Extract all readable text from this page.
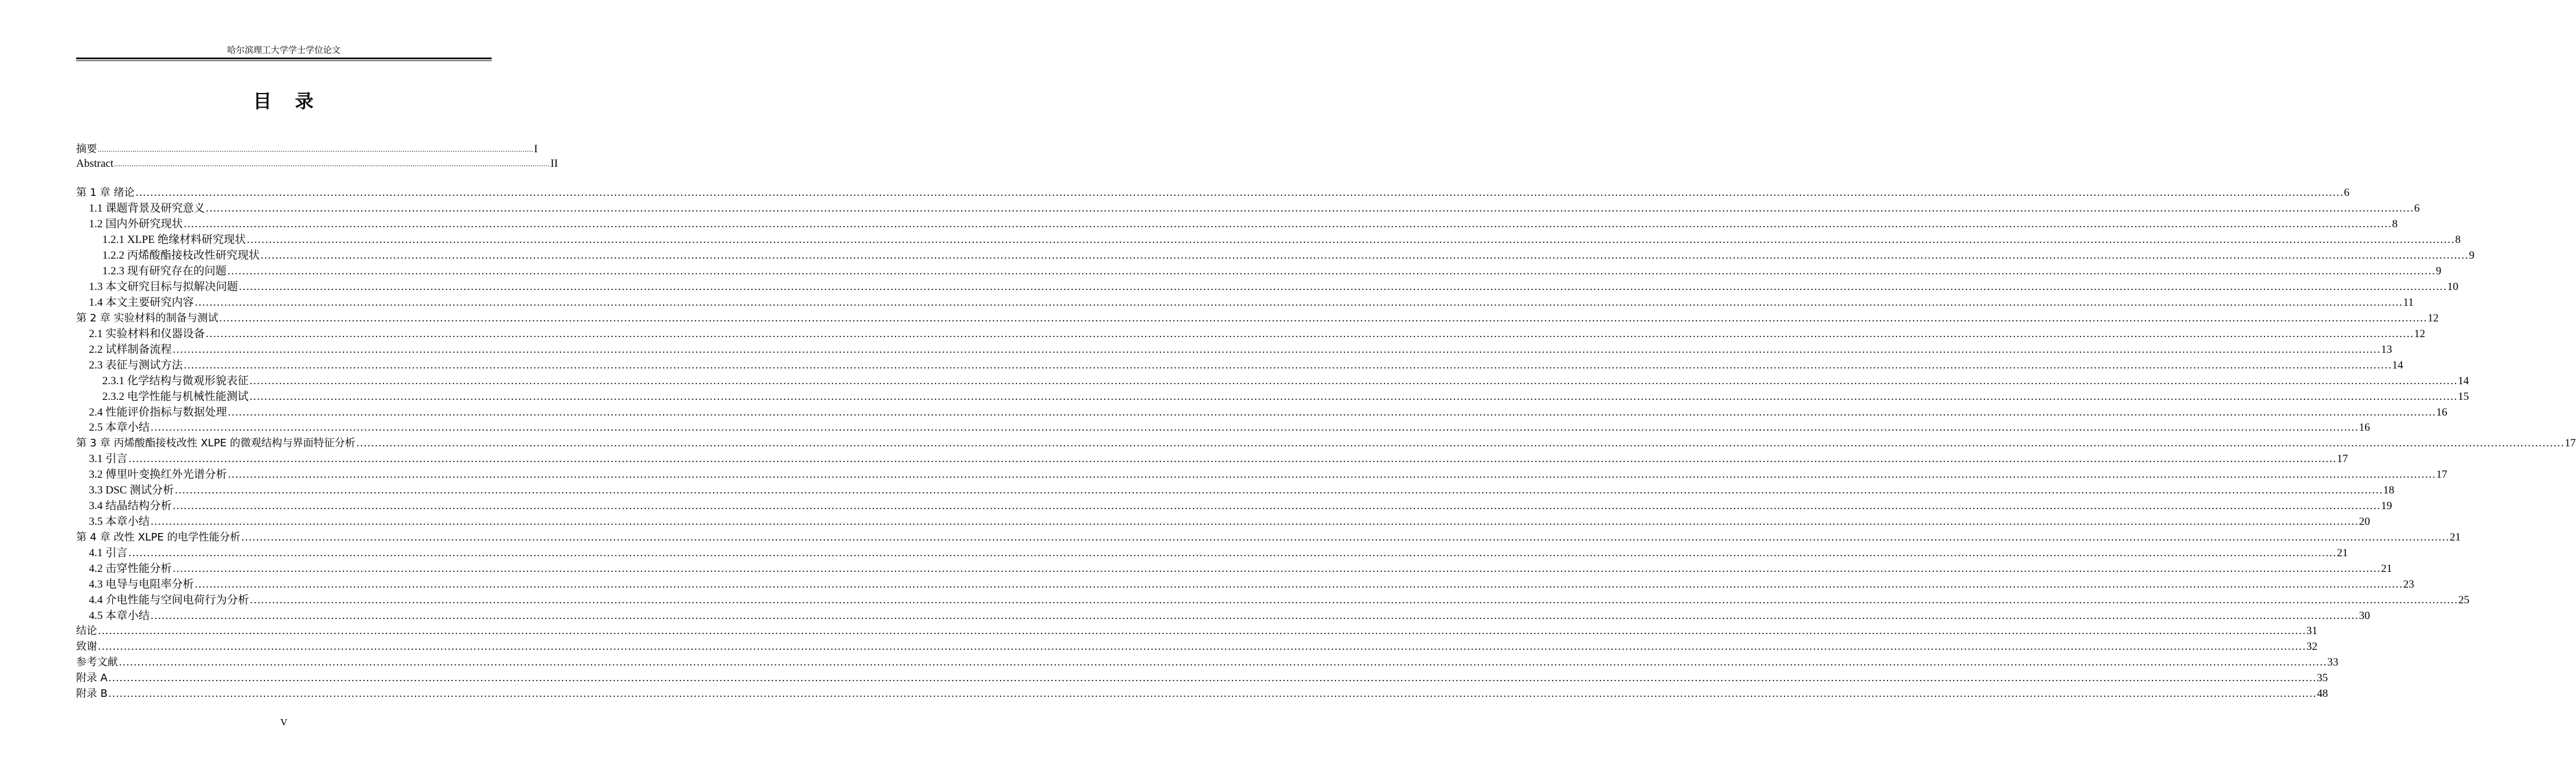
哈尔滨理工大学学士学位论文
目 录
摘要 ........................................................................................................................................................................................................ I
Abstract ........................................................................................................................................................................................................ II
第 1 章 绪论 …………………………………………………………………………………………………………………………………………………………………………………………………………………………………………………………………………………………………………………………………………………………………………………………………………………………………………………………………………………………………………………………………………………… 6
1.1 课题背景及研究意义 …………………………………………………………………………………………………………………………………………………………………………………………………………………………………………………………………………………………………………………………………………………………………………………………………………………………………………………………………………………………………………………………………………………… 6
1.2 国内外研究现状 …………………………………………………………………………………………………………………………………………………………………………………………………………………………………………………………………………………………………………………………………………………………………………………………………………………………………………………………………………………………………………………………………………………… 8
1.2.1 XLPE 绝缘材料研究现状 …………………………………………………………………………………………………………………………………………………………………………………………………………………………………………………………………………………………………………………………………………………………………………………………………………………………………………………………………………………………………………………………………………………… 8
1.2.2 丙烯酸酯接枝改性研究现状 …………………………………………………………………………………………………………………………………………………………………………………………………………………………………………………………………………………………………………………………………………………………………………………………………………………………………………………………………………………………………………………………………………………… 9
1.2.3 现有研究存在的问题 …………………………………………………………………………………………………………………………………………………………………………………………………………………………………………………………………………………………………………………………………………………………………………………………………………………………………………………………………………………………………………………………………………………… 9
1.3 本文研究目标与拟解决问题 …………………………………………………………………………………………………………………………………………………………………………………………………………………………………………………………………………………………………………………………………………………………………………………………………………………………………………………………………………………………………………………………………………………… 10
1.4 本文主要研究内容 …………………………………………………………………………………………………………………………………………………………………………………………………………………………………………………………………………………………………………………………………………………………………………………………………………………………………………………………………………………………………………………………………………………… 11
第 2 章 实验材料的制备与测试 …………………………………………………………………………………………………………………………………………………………………………………………………………………………………………………………………………………………………………………………………………………………………………………………………………………………………………………………………………………………………………………………………………………… 12
2.1 实验材料和仪器设备 …………………………………………………………………………………………………………………………………………………………………………………………………………………………………………………………………………………………………………………………………………………………………………………………………………………………………………………………………………………………………………………………………………………… 12
2.2 试样制备流程 …………………………………………………………………………………………………………………………………………………………………………………………………………………………………………………………………………………………………………………………………………………………………………………………………………………………………………………………………………………………………………………………………………………… 13
2.3 表征与测试方法 …………………………………………………………………………………………………………………………………………………………………………………………………………………………………………………………………………………………………………………………………………………………………………………………………………………………………………………………………………………………………………………………………………………… 14
2.3.1 化学结构与微观形貌表征 …………………………………………………………………………………………………………………………………………………………………………………………………………………………………………………………………………………………………………………………………………………………………………………………………………………………………………………………………………………………………………………………………………………… 14
2.3.2 电学性能与机械性能测试 …………………………………………………………………………………………………………………………………………………………………………………………………………………………………………………………………………………………………………………………………………………………………………………………………………………………………………………………………………………………………………………………………………………… 15
2.4 性能评价指标与数据处理 …………………………………………………………………………………………………………………………………………………………………………………………………………………………………………………………………………………………………………………………………………………………………………………………………………………………………………………………………………………………………………………………………………………… 16
2.5 本章小结 …………………………………………………………………………………………………………………………………………………………………………………………………………………………………………………………………………………………………………………………………………………………………………………………………………………………………………………………………………………………………………………………………………………… 16
第 3 章 丙烯酸酯接枝改性 XLPE 的微观结构与界面特征分析 …………………………………………………………………………………………………………………………………………………………………………………………………………………………………………………………………………………………………………………………………………………………………………………………………………………………………………………………………………………………………………………………………………………… 17
3.1 引言 …………………………………………………………………………………………………………………………………………………………………………………………………………………………………………………………………………………………………………………………………………………………………………………………………………………………………………………………………………………………………………………………………………………… 17
3.2 傅里叶变换红外光谱分析 …………………………………………………………………………………………………………………………………………………………………………………………………………………………………………………………………………………………………………………………………………………………………………………………………………………………………………………………………………………………………………………………………………………… 17
3.3 DSC 测试分析 …………………………………………………………………………………………………………………………………………………………………………………………………………………………………………………………………………………………………………………………………………………………………………………………………………………………………………………………………………………………………………………………………………………… 18
3.4 结晶结构分析 …………………………………………………………………………………………………………………………………………………………………………………………………………………………………………………………………………………………………………………………………………………………………………………………………………………………………………………………………………………………………………………………………………………… 19
3.5 本章小结 …………………………………………………………………………………………………………………………………………………………………………………………………………………………………………………………………………………………………………………………………………………………………………………………………………………………………………………………………………………………………………………………………………………… 20
第 4 章 改性 XLPE 的电学性能分析 …………………………………………………………………………………………………………………………………………………………………………………………………………………………………………………………………………………………………………………………………………………………………………………………………………………………………………………………………………………………………………………………………………………… 21
4.1 引言 …………………………………………………………………………………………………………………………………………………………………………………………………………………………………………………………………………………………………………………………………………………………………………………………………………………………………………………………………………………………………………………………………………………… 21
4.2 击穿性能分析 …………………………………………………………………………………………………………………………………………………………………………………………………………………………………………………………………………………………………………………………………………………………………………………………………………………………………………………………………………………………………………………………………………………… 21
4.3 电导与电阻率分析 …………………………………………………………………………………………………………………………………………………………………………………………………………………………………………………………………………………………………………………………………………………………………………………………………………………………………………………………………………………………………………………………………………………… 23
4.4 介电性能与空间电荷行为分析 …………………………………………………………………………………………………………………………………………………………………………………………………………………………………………………………………………………………………………………………………………………………………………………………………………………………………………………………………………………………………………………………………………………… 25
4.5 本章小结 …………………………………………………………………………………………………………………………………………………………………………………………………………………………………………………………………………………………………………………………………………………………………………………………………………………………………………………………………………………………………………………………………………………… 30
结论 …………………………………………………………………………………………………………………………………………………………………………………………………………………………………………………………………………………………………………………………………………………………………………………………………………………………………………………………………………………………………………………………………………………… 31
致谢 …………………………………………………………………………………………………………………………………………………………………………………………………………………………………………………………………………………………………………………………………………………………………………………………………………………………………………………………………………………………………………………………………………………… 32
参考文献 …………………………………………………………………………………………………………………………………………………………………………………………………………………………………………………………………………………………………………………………………………………………………………………………………………………………………………………………………………………………………………………………………………………… 33
附录 A …………………………………………………………………………………………………………………………………………………………………………………………………………………………………………………………………………………………………………………………………………………………………………………………………………………………………………………………………………………………………………………………………………………… 35
附录 B …………………………………………………………………………………………………………………………………………………………………………………………………………………………………………………………………………………………………………………………………………………………………………………………………………………………………………………………………………………………………………………………………………………… 48
V
